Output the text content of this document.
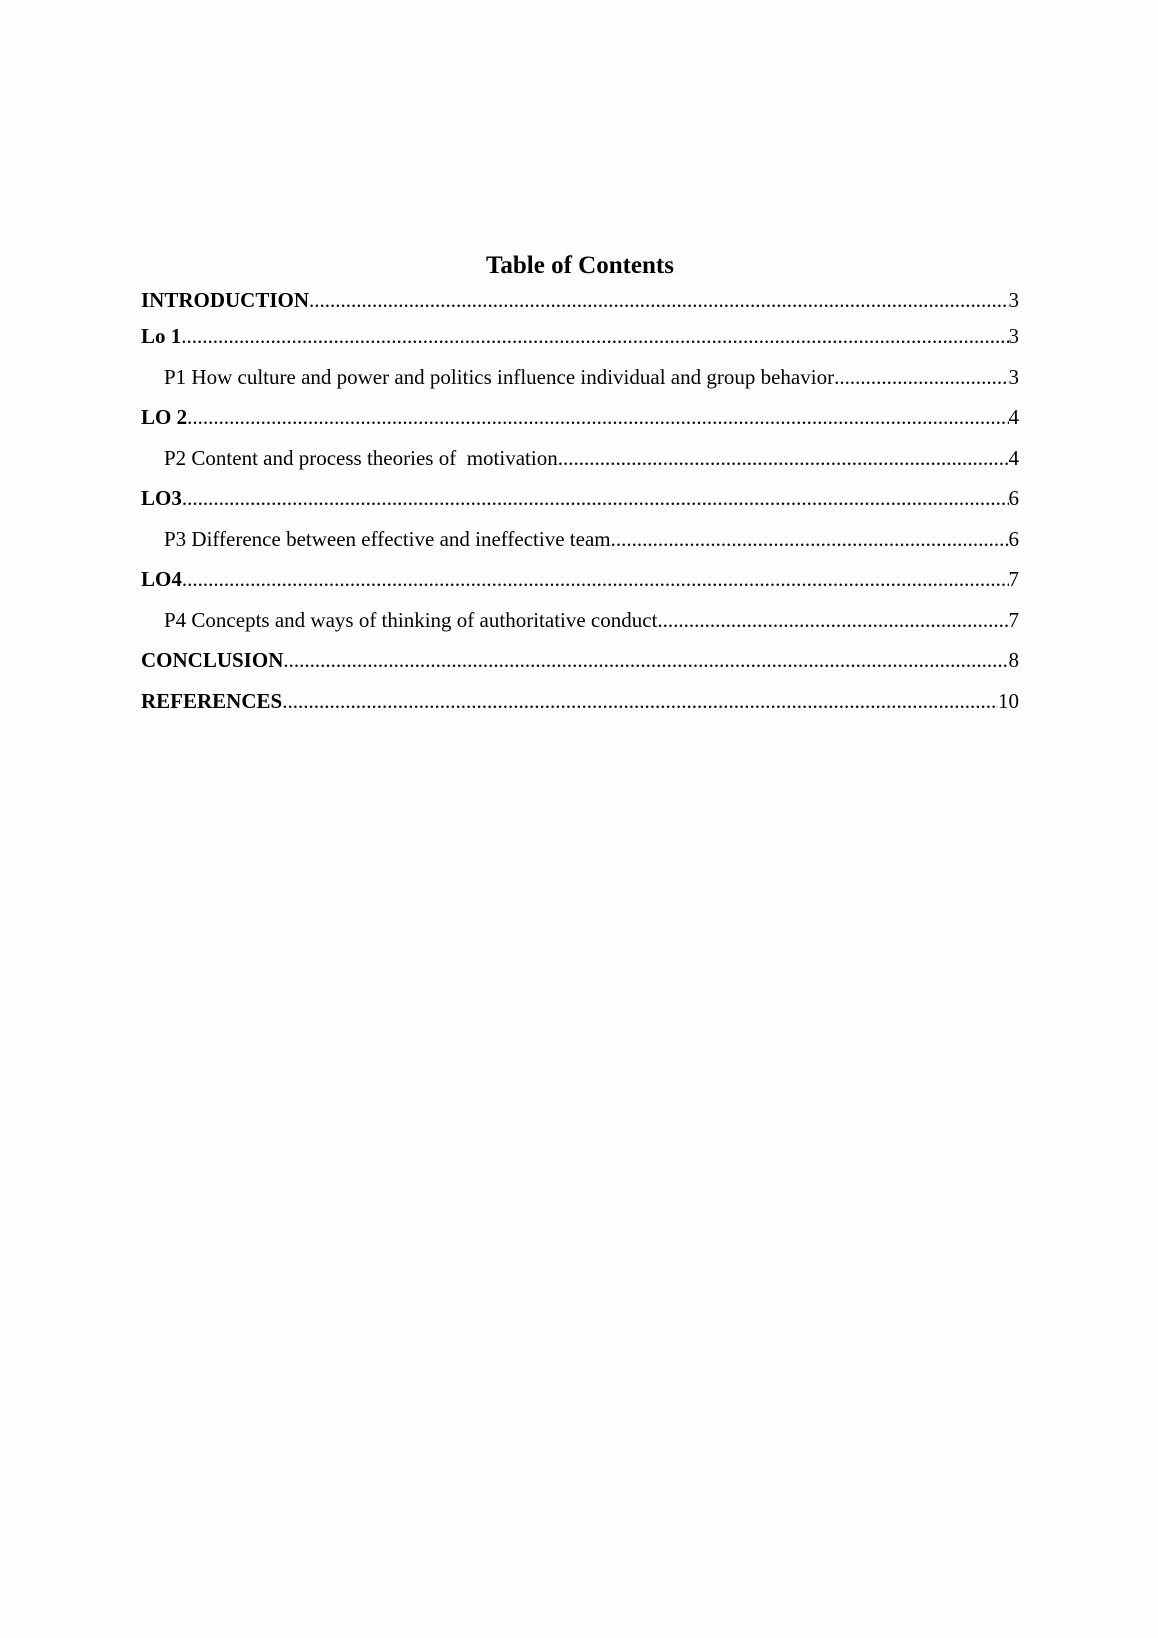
Table of Contents
INTRODUCTION .....	3
Lo 1 .....	3
P1 How culture and power and politics influence individual and group behavior .....	3
LO 2 .....	4
P2 Content and process theories of  motivation .....	4
LO3 .....	6
P3 Difference between effective and ineffective team .....	6
LO4 .....	7
P4 Concepts and ways of thinking of authoritative conduct .....	7
CONCLUSION .....	8
REFERENCES .....	10
